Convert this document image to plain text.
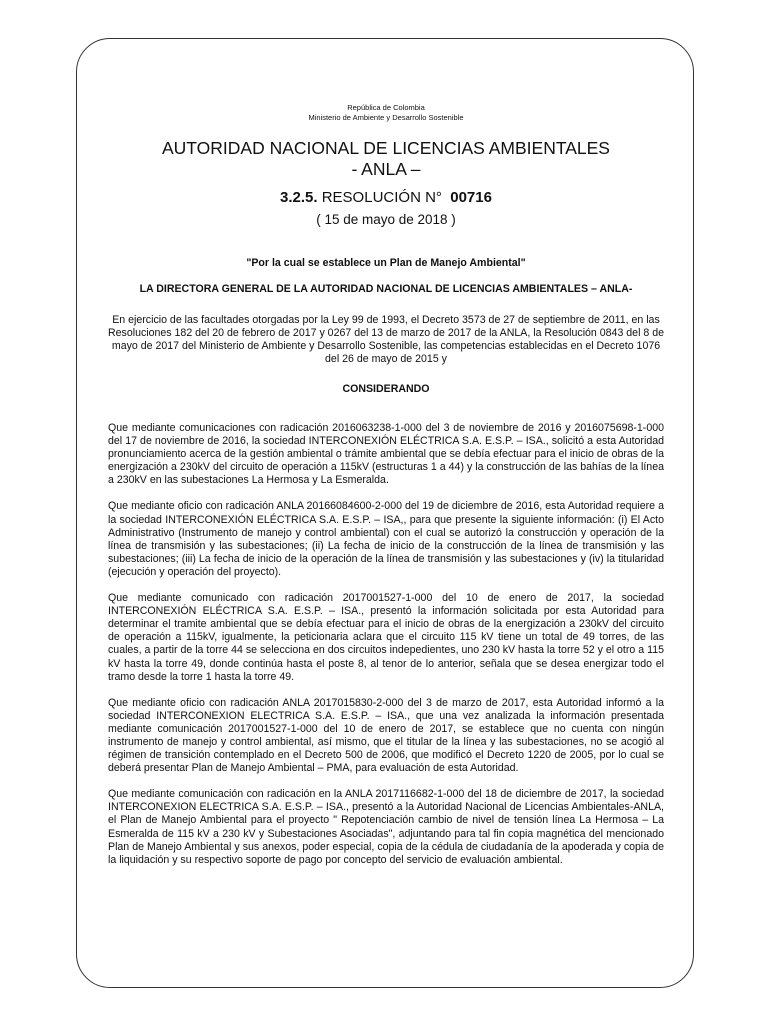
República de Colombia
Ministerio de Ambiente y Desarrollo Sostenible
AUTORIDAD NACIONAL DE LICENCIAS AMBIENTALES
- ANLA –
3.2.5. RESOLUCIÓN N° 00716
( 15 de mayo de 2018 )
"Por la cual se establece un Plan de Manejo Ambiental"
LA DIRECTORA GENERAL DE LA AUTORIDAD NACIONAL DE LICENCIAS AMBIENTALES – ANLA-
En ejercicio de las facultades otorgadas por la Ley 99 de 1993, el Decreto 3573 de 27 de septiembre de 2011, en las Resoluciones 182 del 20 de febrero de 2017 y 0267 del 13 de marzo de 2017 de la ANLA, la Resolución 0843 del 8 de mayo de 2017 del Ministerio de Ambiente y Desarrollo Sostenible, las competencias establecidas en el Decreto 1076 del 26 de mayo de 2015 y
CONSIDERANDO

Que mediante comunicaciones con radicación 2016063238-1-000 del 3 de noviembre de 2016 y 2016075698-1-000 del 17 de noviembre de 2016, la sociedad INTERCONEXIÓN ELÉCTRICA S.A. E.S.P. – ISA., solicitó a esta Autoridad pronunciamiento acerca de la gestión ambiental o trámite ambiental que se debía efectuar para el inicio de obras de la energización a 230kV del circuito de operación a 115kV (estructuras 1 a 44) y la construcción de las bahías de la línea a 230kV en las subestaciones La Hermosa y La Esmeralda.

Que mediante oficio con radicación ANLA 20166084600-2-000 del 19 de diciembre de 2016, esta Autoridad requiere a la sociedad INTERCONEXIÓN ELÉCTRICA S.A. E.S.P. – ISA,, para que presente la siguiente información: (i) El Acto Administrativo (Instrumento de manejo y control ambiental) con el cual se autorizó la construcción y operación de la línea de transmisión y las subestaciones; (ii) La fecha de inicio de la construcción de la línea de transmisión y las subestaciones; (iii) La fecha de inicio de la operación de la línea de transmisión y las subestaciones y (iv) la titularidad (ejecución y operación del proyecto).

Que mediante comunicado con radicación 2017001527-1-000 del 10 de enero de 2017, la sociedad INTERCONEXIÓN ELÉCTRICA S.A. E.S.P. – ISA., presentó la información solicitada por esta Autoridad para determinar el tramite ambiental que se debía efectuar para el inicio de obras de la energización a 230kV del circuito de operación a 115kV, igualmente, la peticionaria aclara que el circuito 115 kV tiene un total de 49 torres, de las cuales, a partir de la torre 44 se selecciona en dos circuitos indepedientes, uno 230 kV hasta la torre 52 y el otro a 115 kV hasta la torre 49, donde continúa hasta el poste 8, al tenor de lo anterior, señala que se desea energizar todo el tramo desde la torre 1 hasta la torre 49.

Que mediante oficio con radicación ANLA 2017015830-2-000 del 3 de marzo de 2017, esta Autoridad informó a la sociedad INTERCONEXION ELECTRICA S.A. E.S.P. – ISA., que una vez analizada la información presentada mediante comunicación 2017001527-1-000 del 10 de enero de 2017, se establece que no cuenta con ningún instrumento de manejo y control ambiental, así mismo, que el titular de la línea y las subestaciones, no se acogió al régimen de transición contemplado en el Decreto 500 de 2006, que modificó el Decreto 1220 de 2005, por lo cual se deberá presentar Plan de Manejo Ambiental – PMA, para evaluación de esta Autoridad.

Que mediante comunicación con radicación en la ANLA 2017116682-1-000 del 18 de diciembre de 2017, la sociedad INTERCONEXION ELECTRICA S.A. E.S.P. – ISA., presentó a la Autoridad Nacional de Licencias Ambientales-ANLA, el Plan de Manejo Ambiental para el proyecto " Repotenciación cambio de nivel de tensión línea La Hermosa – La Esmeralda de 115 kV a 230 kV y Subestaciones Asociadas", adjuntando para tal fin copia magnética del mencionado Plan de Manejo Ambiental y sus anexos, poder especial, copia de la cédula de ciudadanía de la apoderada y copia de la liquidación y su respectivo soporte de pago por concepto del servicio de evaluación ambiental.
